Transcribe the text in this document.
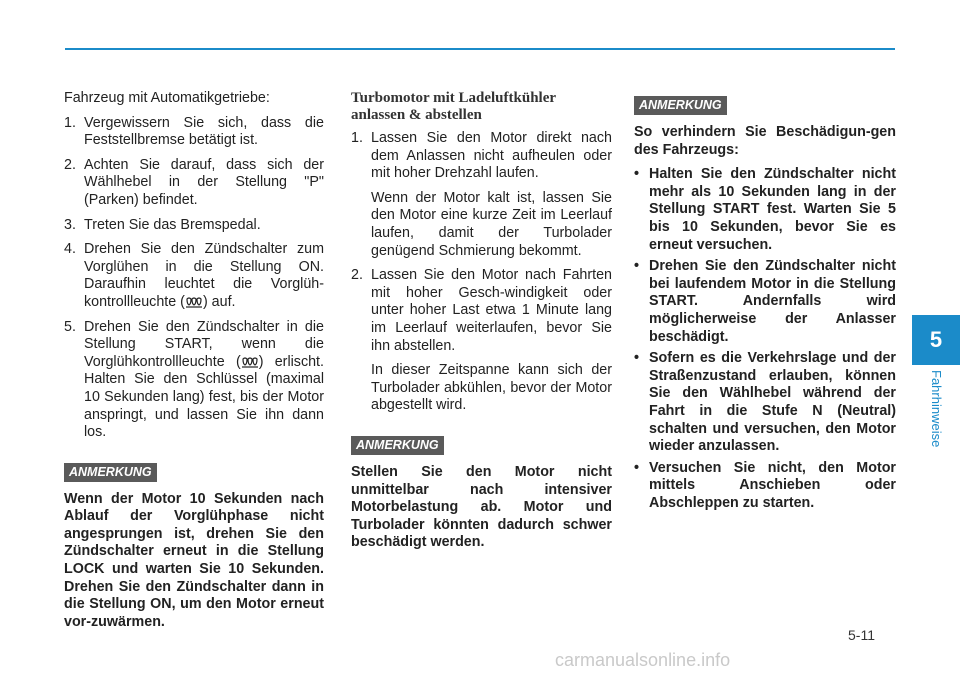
Fahrzeug mit Automatikgetriebe:

1. Vergewissern Sie sich, dass die Feststellbremse betätigt ist.
2. Achten Sie darauf, dass sich der Wählhebel in der Stellung "P" (Parken) befindet.
3. Treten Sie das Bremspedal.
4. Drehen Sie den Zündschalter zum Vorglühen in die Stellung ON. Daraufhin leuchtet die Vorglüh-kontrollleuchte ( ) auf.
5. Drehen Sie den Zündschalter in die Stellung START, wenn die Vorglühkontrollleuchte ( ) erlischt. Halten Sie den Schlüssel (maximal 10 Sekunden lang) fest, bis der Motor anspringt, und lassen Sie ihn dann los.
ANMERKUNG

Wenn der Motor 10 Sekunden nach Ablauf der Vorglühphase nicht angesprungen ist, drehen Sie den Zündschalter erneut in die Stellung LOCK und warten Sie 10 Sekunden. Drehen Sie den Zündschalter dann in die Stellung ON, um den Motor erneut vor-zuwärmen.

Turbomotor mit Ladeluftkühler anlassen & abstellen
1. Lassen Sie den Motor direkt nach dem Anlassen nicht aufheulen oder mit hoher Drehzahl laufen.

Wenn der Motor kalt ist, lassen Sie den Motor eine kurze Zeit im Leerlauf laufen, damit der Turbolader genügend Schmierung bekommt.

2. Lassen Sie den Motor nach Fahrten mit hoher Gesch-windigkeit oder unter hoher Last etwa 1 Minute lang im Leerlauf weiterlaufen, bevor Sie ihn abstellen.

In dieser Zeitspanne kann sich der Turbolader abkühlen, bevor der Motor abgestellt wird.

ANMERKUNG

Stellen Sie den Motor nicht unmittelbar nach intensiver Motorbelastung ab. Motor und Turbolader könnten dadurch schwer beschädigt werden.

ANMERKUNG

So verhindern Sie Beschädigun-gen des Fahrzeugs:

• Halten Sie den Zündschalter nicht mehr als 10 Sekunden lang in der Stellung START fest. Warten Sie 5 bis 10 Sekunden, bevor Sie es erneut versuchen.
• Drehen Sie den Zündschalter nicht bei laufendem Motor in die Stellung START. Andernfalls wird möglicherweise der Anlasser beschädigt.
• Sofern es die Verkehrslage und der Straßenzustand erlauben, können Sie den Wählhebel während der Fahrt in die Stufe N (Neutral) schalten und versuchen, den Motor wieder anzulassen.
• Versuchen Sie nicht, den Motor mittels Anschieben oder Abschleppen zu starten.
5
Fahrhinweise
5-11
carmanualsonline.info
